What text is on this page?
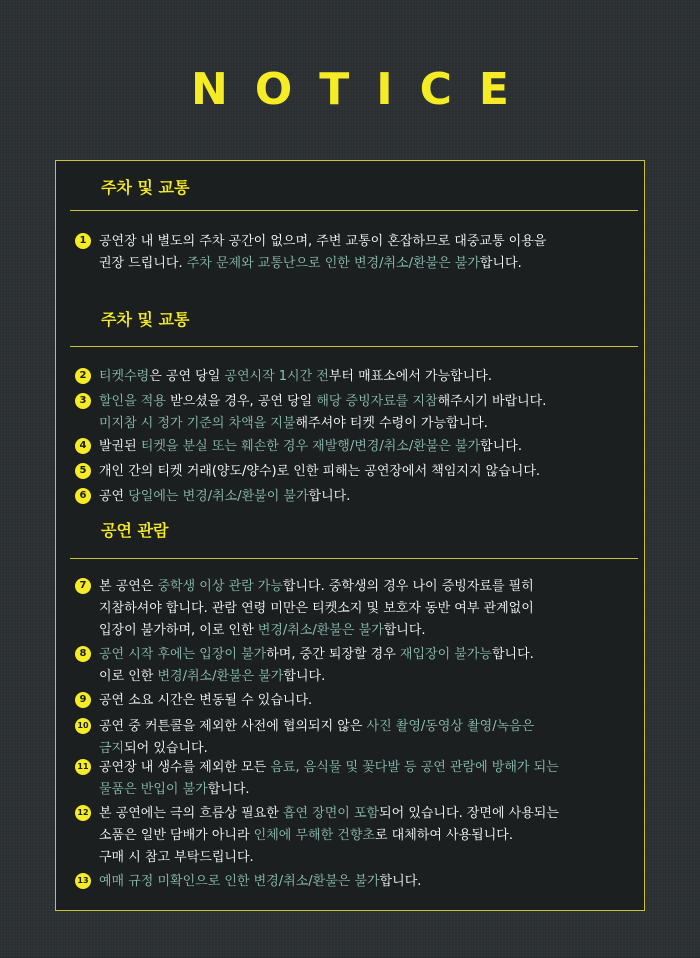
NOTICE
주차 및 교통
1 공연장 내 별도의 주차 공간이 없으며, 주변 교통이 혼잡하므로 대중교통 이용을
권장 드립니다. 주차 문제와 교통난으로 인한 변경/취소/환불은 불가합니다.
주차 및 교통
2 티켓수령은 공연 당일 공연시작 1시간 전부터 매표소에서 가능합니다.
3 할인을 적용 받으셨을 경우, 공연 당일 해당 증빙자료를 지참해주시기 바랍니다.
미지참 시 정가 기준의 차액을 지불해주셔야 티켓 수령이 가능합니다.
4 발권된 티켓을 분실 또는 훼손한 경우 재발행/변경/취소/환불은 불가합니다.
5 개인 간의 티켓 거래(양도/양수)로 인한 피해는 공연장에서 책임지지 않습니다.
6 공연 당일에는 변경/취소/환불이 불가합니다.
공연 관람
7 본 공연은 중학생 이상 관람 가능합니다. 중학생의 경우 나이 증빙자료를 필히
지참하셔야 합니다. 관람 연령 미만은 티켓소지 및 보호자 동반 여부 관계없이
입장이 불가하며, 이로 인한 변경/취소/환불은 불가합니다.
8 공연 시작 후에는 입장이 불가하며, 중간 퇴장할 경우 재입장이 불가능합니다.
이로 인한 변경/취소/환불은 불가합니다.
9 공연 소요 시간은 변동될 수 있습니다.
10 공연 중 커튼콜을 제외한 사전에 협의되지 않은 사진 촬영/동영상 촬영/녹음은
금지되어 있습니다.
11 공연장 내 생수를 제외한 모든 음료, 음식물 및 꽃다발 등 공연 관람에 방해가 되는
물품은 반입이 불가합니다.
12 본 공연에는 극의 흐름상 필요한 흡연 장면이 포함되어 있습니다. 장면에 사용되는
소품은 일반 담배가 아니라 인체에 무해한 건향초로 대체하여 사용됩니다.
구매 시 참고 부탁드립니다.
13 예매 규정 미확인으로 인한 변경/취소/환불은 불가합니다.
